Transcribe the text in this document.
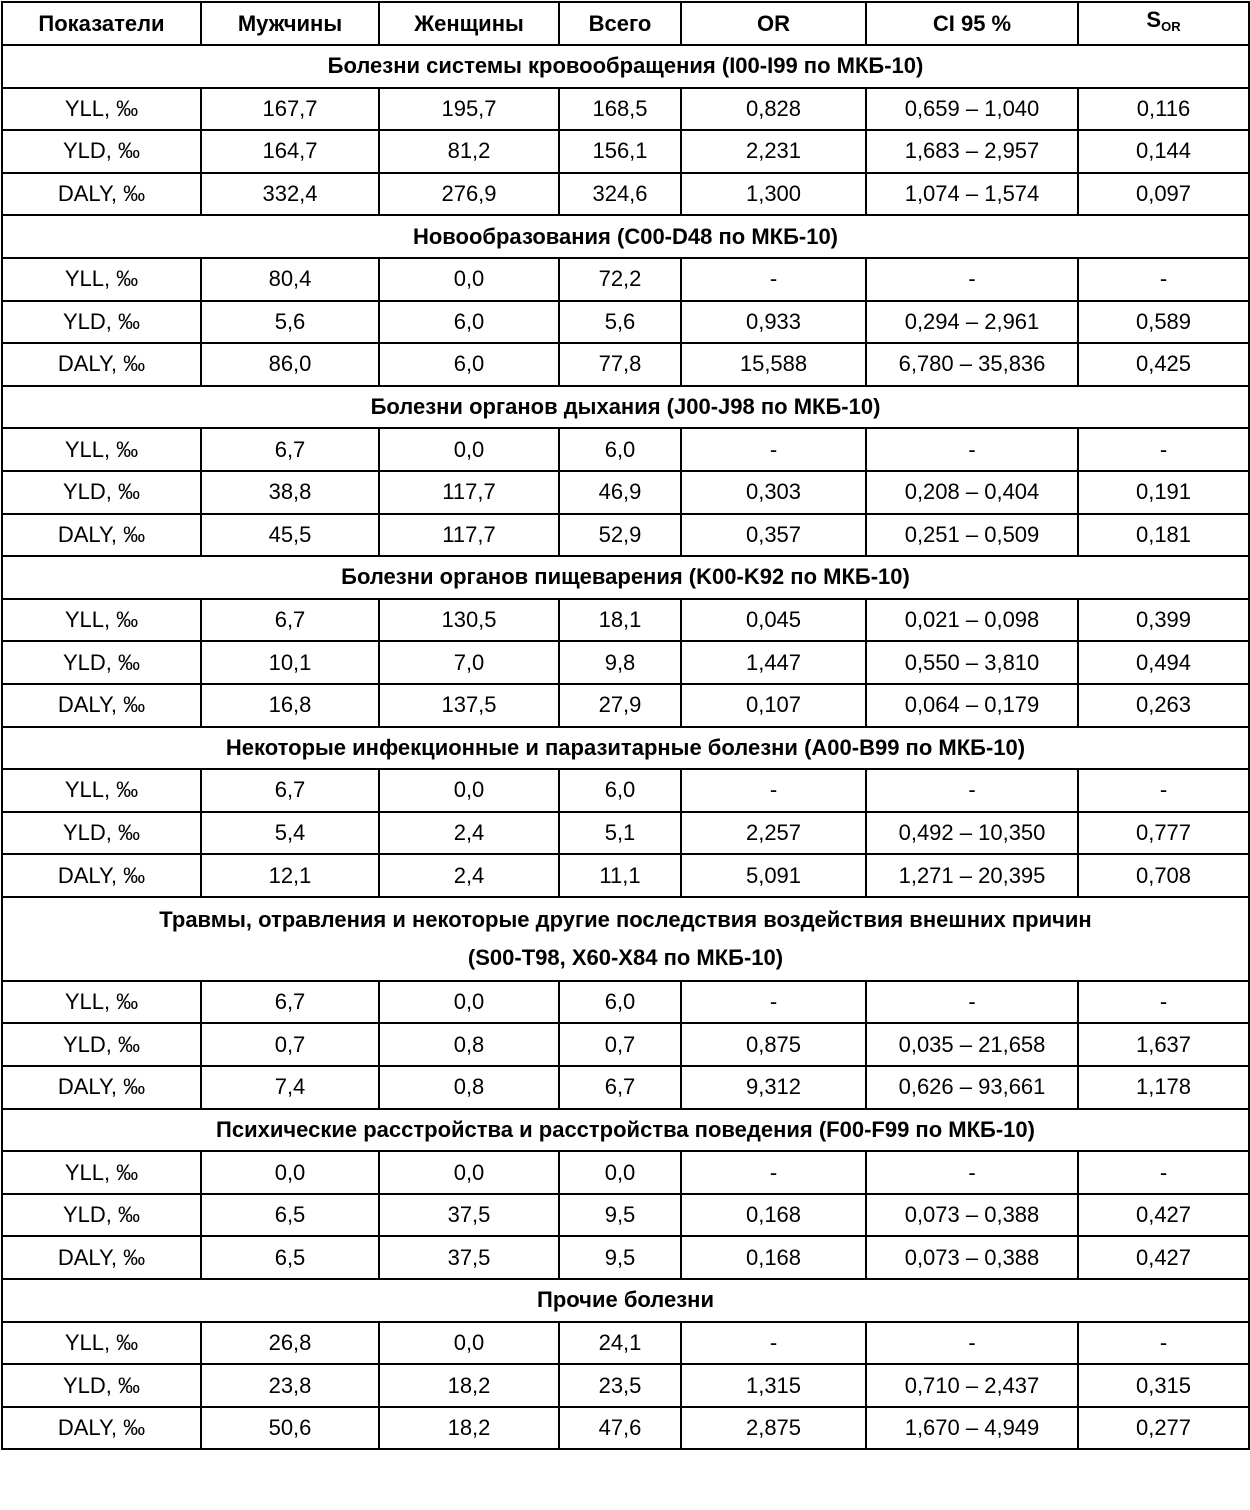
Показатели	Мужчины	Женщины	Всего	OR	CI 95 %	$S_{OR}$
Болезни системы кровообращения (I00-I99 по МКБ-10)						
YLL, ‰	167,7	195,7	168,5	0,828	0,659 – 1,040	0,116
YLD, ‰	164,7	81,2	156,1	2,231	1,683 – 2,957	0,144
DALY, ‰	332,4	276,9	324,6	1,300	1,074 – 1,574	0,097
Новообразования (C00-D48 по МКБ-10)						
YLL, ‰	80,4	0,0	72,2	-	-	-
YLD, ‰	5,6	6,0	5,6	0,933	0,294 – 2,961	0,589
DALY, ‰	86,0	6,0	77,8	15,588	6,780 – 35,836	0,425
Болезни органов дыхания (J00-J98 по МКБ-10)						
YLL, ‰	6,7	0,0	6,0	-	-	-
YLD, ‰	38,8	117,7	46,9	0,303	0,208 – 0,404	0,191
DALY, ‰	45,5	117,7	52,9	0,357	0,251 – 0,509	0,181
Болезни органов пищеварения (K00-K92 по МКБ-10)						
YLL, ‰	6,7	130,5	18,1	0,045	0,021 – 0,098	0,399
YLD, ‰	10,1	7,0	9,8	1,447	0,550 – 3,810	0,494
DALY, ‰	16,8	137,5	27,9	0,107	0,064 – 0,179	0,263
Некоторые инфекционные и паразитарные болезни (A00-B99 по МКБ-10)						
YLL, ‰	6,7	0,0	6,0	-	-	-
YLD, ‰	5,4	2,4	5,1	2,257	0,492 – 10,350	0,777
DALY, ‰	12,1	2,4	11,1	5,091	1,271 – 20,395	0,708
Травмы, отравления и некоторые другие последствия воздействия внешних причин
(S00-T98, X60-X84 по МКБ-10)						
YLL, ‰	6,7	0,0	6,0	-	-	-
YLD, ‰	0,7	0,8	0,7	0,875	0,035 – 21,658	1,637
DALY, ‰	7,4	0,8	6,7	9,312	0,626 – 93,661	1,178
Психические расстройства и расстройства поведения (F00-F99 по МКБ-10)						
YLL, ‰	0,0	0,0	0,0	-	-	-
YLD, ‰	6,5	37,5	9,5	0,168	0,073 – 0,388	0,427
DALY, ‰	6,5	37,5	9,5	0,168	0,073 – 0,388	0,427
Прочие болезни						
YLL, ‰	26,8	0,0	24,1	-	-	-
YLD, ‰	23,8	18,2	23,5	1,315	0,710 – 2,437	0,315
DALY, ‰	50,6	18,2	47,6	2,875	1,670 – 4,949	0,277
